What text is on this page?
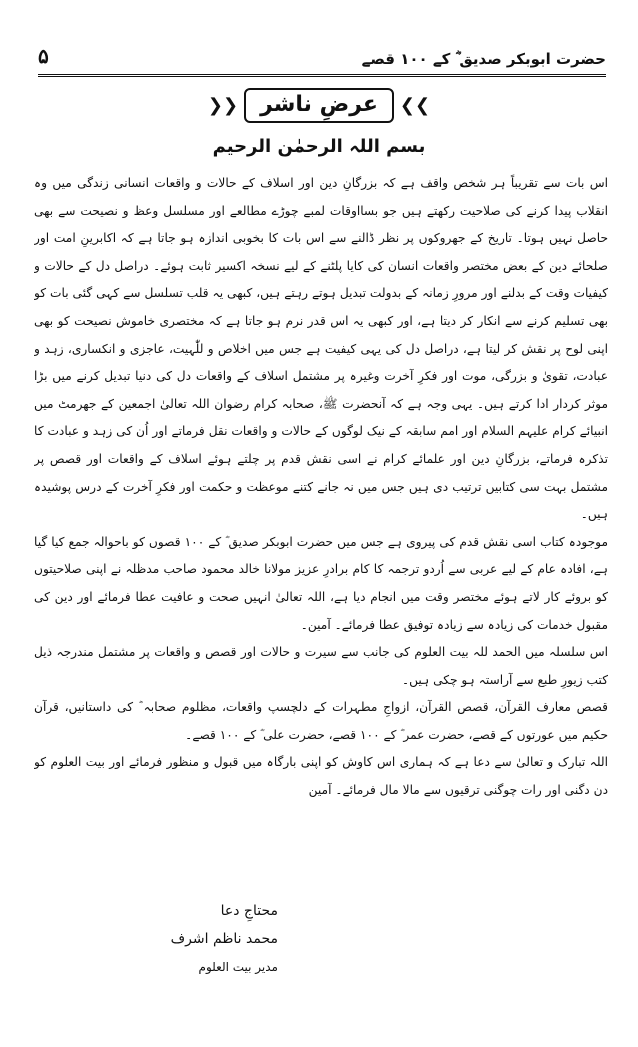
۵	حضرت ابوبکر صدیق ؓ کے ۱۰۰ قصے
❯❯عرضِ ناشر❮❮
بسم اللہ الرحمٰن الرحیم

اس بات سے تقریباً ہر شخص واقف ہے کہ بزرگانِ دین اور اسلاف کے حالات و واقعات انسانی زندگی میں وہ انقلاب پیدا کرنے کی صلاحیت رکھتے ہیں جو بسااوقات لمبے چوڑے مطالعے اور مسلسل وعظ و نصیحت سے بھی حاصل نہیں ہوتا۔ تاریخ کے جھروکوں پر نظر ڈالنے سے اس بات کا بخوبی اندازہ ہو جاتا ہے کہ اکابرینِ امت اور صلحائے دین کے بعض مختصر واقعات انسان کی کایا پلٹنے کے لیے نسخہ اکسیر ثابت ہوئے۔ دراصل دل کے حالات و کیفیات وقت کے بدلنے اور مرورِ زمانہ کے بدولت تبدیل ہوتے رہتے ہیں، کبھی یہ قلب تسلسل سے کہی گئی بات کو بھی تسلیم کرنے سے انکار کر دیتا ہے، اور کبھی یہ اس قدر نرم ہو جاتا ہے کہ مختصری خاموش نصیحت کو بھی اپنی لوح پر نقش کر لیتا ہے، دراصل دل کی یہی کیفیت ہے جس میں اخلاص و للّٰہیت، عاجزی و انکساری، زہد و عبادت، تقویٰ و بزرگی، موت اور فکرِ آخرت وغیرہ پر مشتمل اسلاف کے واقعات دل کی دنیا تبدیل کرنے میں بڑا موثر کردار ادا کرتے ہیں۔ یہی وجہ ہے کہ آنحضرت ﷺ، صحابہ کرام رضوان اللہ تعالیٰ اجمعین کے جھرمٹ میں انبیائے کرام علیہم السلام اور امم سابقہ کے نیک لوگوں کے حالات و واقعات نقل فرماتے اور اُن کی زہد و عبادت کا تذکرہ فرماتے، بزرگانِ دین اور علمائے کرام نے اسی نقش قدم پر چلتے ہوئے اسلاف کے واقعات اور قصص پر مشتمل بہت سی کتابیں ترتیب دی ہیں جس میں نہ جانے کتنے موعظت و حکمت اور فکرِ آخرت کے درس پوشیدہ ہیں۔

موجودہ کتاب اسی نقش قدم کی پیروی ہے جس میں حضرت ابوبکر صدیق ؓ کے ۱۰۰ قصوں کو باحوالہ جمع کیا گیا ہے، افادہ عام کے لیے عربی سے اُردو ترجمہ کا کام برادرِ عزیز مولانا خالد محمود صاحب مدظلہ نے اپنی صلاحیتوں کو بروئے کار لاتے ہوئے مختصر وقت میں انجام دیا ہے، اللہ تعالیٰ انہیں صحت و عافیت عطا فرمائے اور دین کی مقبول خدمات کی زیادہ سے زیادہ توفیق عطا فرمائے۔ آمین۔

اس سلسلہ میں الحمد للہ بیت العلوم کی جانب سے سیرت و حالات اور قصص و واقعات پر مشتمل مندرجہ ذیل کتب زیورِ طبع سے آراستہ ہو چکی ہیں۔

قصص معارف القرآن، قصص القرآن، ازواجِ مطہرات کے دلچسپ واقعات، مظلوم صحابہ ؓ کی داستانیں، قرآن حکیم میں عورتوں کے قصے، حضرت عمر ؓ کے ۱۰۰ قصے، حضرت علی ؓ کے ۱۰۰ قصے۔

اللہ تبارک و تعالیٰ سے دعا ہے کہ ہماری اس کاوش کو اپنی بارگاہ میں قبول و منظور فرمائے اور بیت العلوم کو دن دگنی اور رات چوگنی ترقیوں سے مالا مال فرمائے۔ آمین

محتاجِ دعا
محمد ناظم اشرف
مدیر بیت العلوم
